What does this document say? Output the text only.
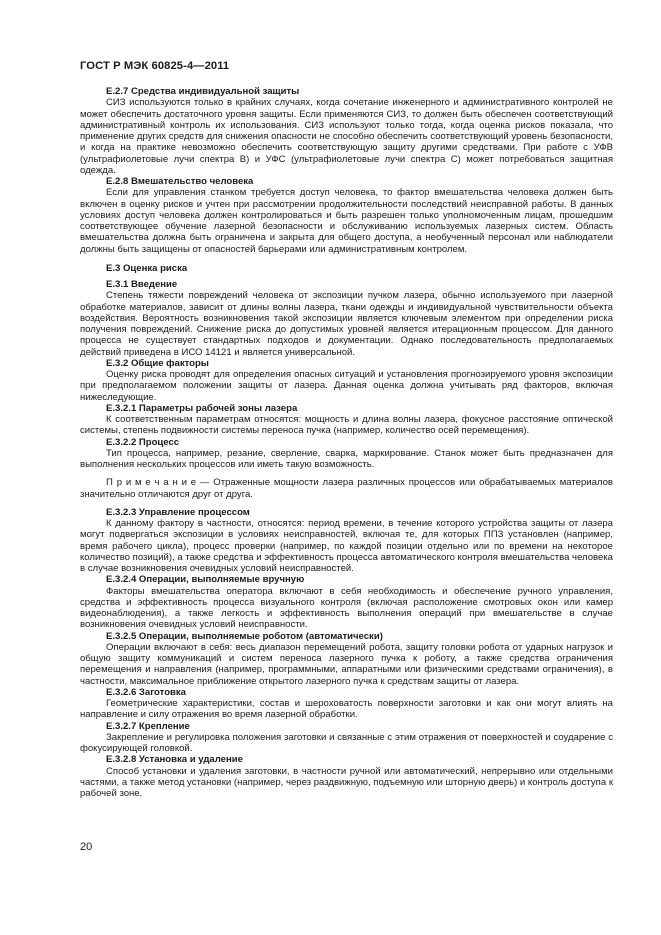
ГОСТ Р МЭК 60825-4—2011
Е.2.7 Средства индивидуальной защиты

СИЗ используются только в крайних случаях, когда сочетание инженерного и административного контролей не может обеспечить достаточного уровня защиты. Если применяются СИЗ, то должен быть обеспечен соответствующий административный контроль их использования. СИЗ используют только тогда, когда оценка рисков показала, что применение других средств для снижения опасности не способно обеспечить соответствующий уровень безопасности, и когда на практике невозможно обеспечить соответствующую защиту другими средствами. При работе с УФВ (ультрафиолетовые лучи спектра В) и УФС (ультрафиолетовые лучи спектра С) может потребоваться защитная одежда.

Е.2.8 Вмешательство человека

Если для управления станком требуется доступ человека, то фактор вмешательства человека должен быть включен в оценку рисков и учтен при рассмотрении продолжительности последствий неисправной работы. В данных условиях доступ человека должен контролироваться и быть разрешен только уполномоченным лицам, прошедшим соответствующее обучение лазерной безопасности и обслуживанию используемых лазерных систем. Область вмешательства должна быть ограничена и закрыта для общего доступа, а необученный персонал или наблюдатели должны быть защищены от опасностей барьерами или административным контролем.

Е.3 Оценка риска
Е.3.1 Введение

Степень тяжести повреждений человека от экспозиции пучком лазера, обычно используемого при лазерной обработке материалов, зависит от длины волны лазера, ткани одежды и индивидуальной чувствительности объекта воздействия. Вероятность возникновения такой экспозиции является ключевым элементом при определении риска получения повреждений. Снижение риска до допустимых уровней является итерационным процессом. Для данного процесса не существует стандартных подходов и документации. Однако последовательность предполагаемых действий приведена в ИСО 14121 и является универсальной.

Е.3.2 Общие факторы

Оценку риска проводят для определения опасных ситуаций и установления прогнозируемого уровня экспозиции при предполагаемом положении защиты от лазера. Данная оценка должна учитывать ряд факторов, включая нижеследующие.

Е.3.2.1 Параметры рабочей зоны лазера

К соответственным параметрам относятся: мощность и длина волны лазера, фокусное расстояние оптической системы, степень подвижности системы переноса пучка (например, количество осей перемещения).

Е.3.2.2 Процесс

Тип процесса, например, резание, сверление, сварка, маркирование. Станок может быть предназначен для выполнения нескольких процессов или иметь такую возможность.

П р и м е ч а н и е — Отраженные мощности лазера различных процессов или обрабатываемых материалов значительно отличаются друг от друга.

Е.3.2.3 Управление процессом

К данному фактору в частности, относятся: период времени, в течение которого устройства защиты от лазера могут подвергаться экспозиции в условиях неисправностей, включая те, для которых ППЗ установлен (например, время рабочего цикла), процесс проверки (например, по каждой позиции отдельно или по времени на некоторое количество позиций), а также средства и эффективность процесса автоматического контроля вмешательства человека в случае возникновения очевидных условий неисправностей.

Е.3.2.4 Операции, выполняемые вручную

Факторы вмешательства оператора включают в себя необходимость и обеспечение ручного управления, средства и эффективность процесса визуального контроля (включая расположение смотровых окон или камер видеонаблюдения), а также легкость и эффективность выполнения операций при вмешательстве в случае возникновения очевидных условий неисправности.

Е.3.2.5 Операции, выполняемые роботом (автоматически)

Операции включают в себя: весь диапазон перемещений робота, защиту головки робота от ударных нагрузок и общую защиту коммуникаций и систем переноса лазерного пучка к роботу, а также средства ограничения перемещения и направления (например, программными, аппаратными или физическими средствами ограничения), в частности, максимальное приближение открытого лазерного пучка к средствам защиты от лазера.

Е.3.2.6 Заготовка

Геометрические характеристики, состав и шероховатость поверхности заготовки и как они могут влиять на направление и силу отражения во время лазерной обработки.

Е.3.2.7 Крепление

Закрепление и регулировка положения заготовки и связанные с этим отражения от поверхностей и соударение с фокусирующей головкой.

Е.3.2.8 Установка и удаление

Способ установки и удаления заготовки, в частности ручной или автоматический, непрерывно или отдельными частями, а также метод установки (например, через раздвижную, подъемную или шторную дверь) и контроль доступа к рабочей зоне.

20
